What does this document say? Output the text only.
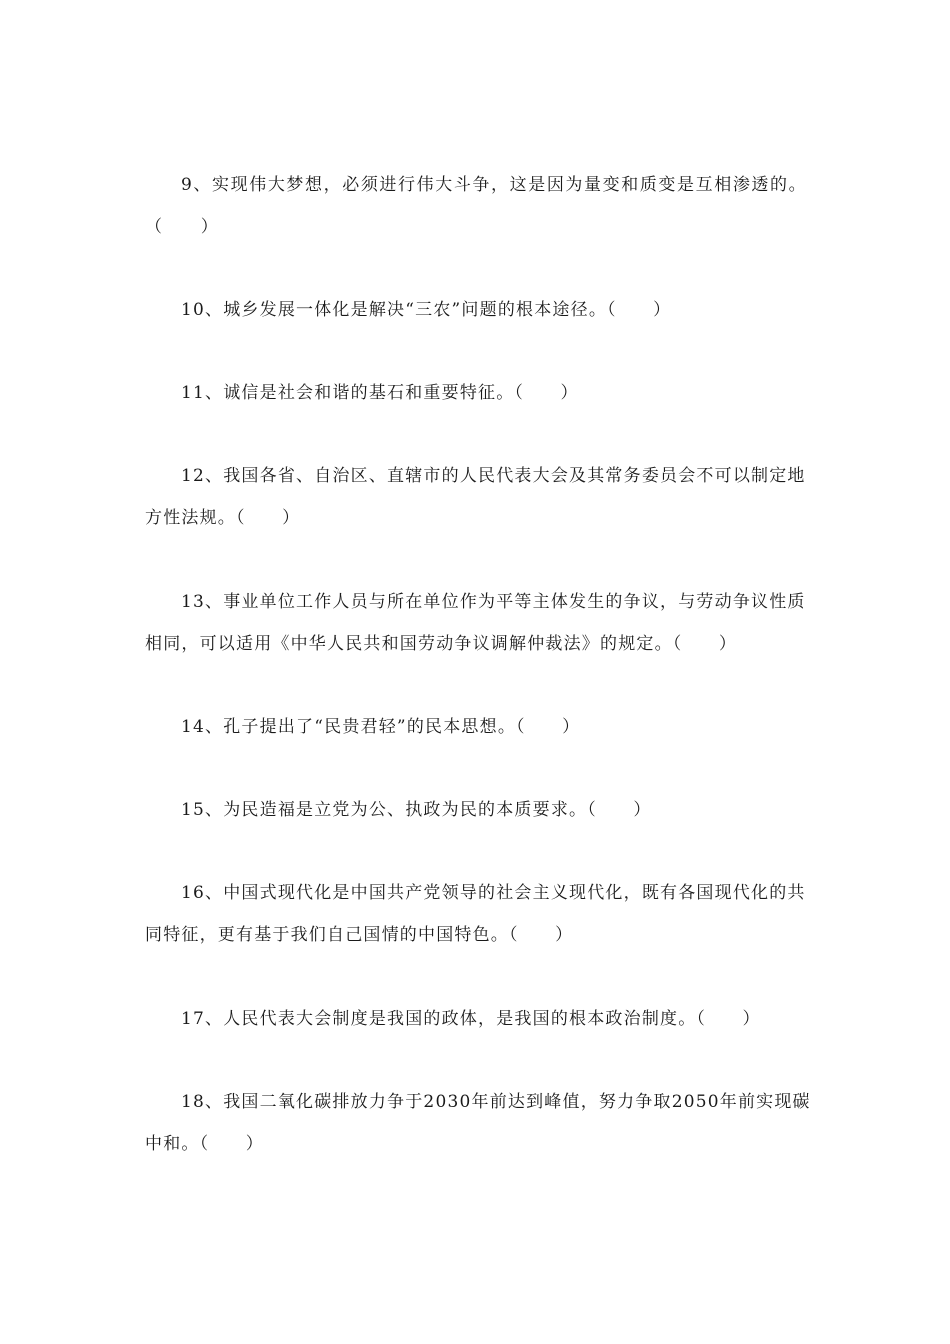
9、实现伟大梦想，必须进行伟大斗争，这是因为量变和质变是互相渗透的。（　　）

10、城乡发展一体化是解决“三农”问题的根本途径。（　　）

11、诚信是社会和谐的基石和重要特征。（　　）

12、我国各省、自治区、直辖市的人民代表大会及其常务委员会不可以制定地方性法规。（　　）

13、事业单位工作人员与所在单位作为平等主体发生的争议，与劳动争议性质相同，可以适用《中华人民共和国劳动争议调解仲裁法》的规定。（　　）

14、孔子提出了“民贵君轻”的民本思想。（　　）

15、为民造福是立党为公、执政为民的本质要求。（　　）

16、中国式现代化是中国共产党领导的社会主义现代化，既有各国现代化的共同特征，更有基于我们自己国情的中国特色。（　　）

17、人民代表大会制度是我国的政体，是我国的根本政治制度。（　　）

18、我国二氧化碳排放力争于2030年前达到峰值，努力争取2050年前实现碳中和。（　　）
